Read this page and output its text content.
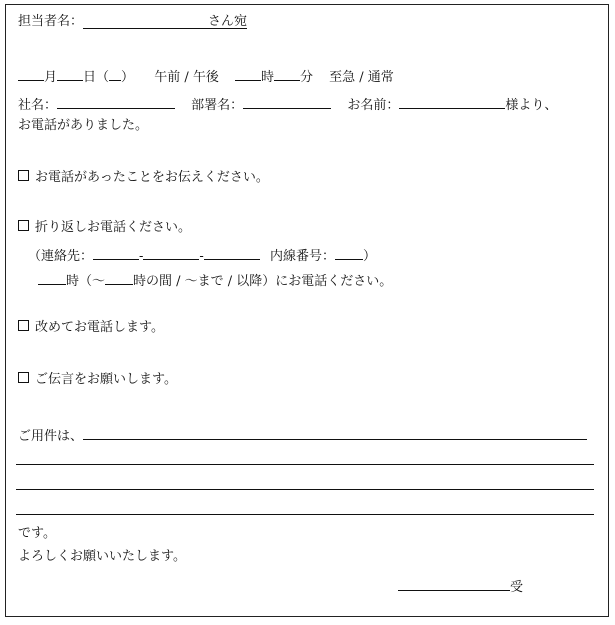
担当者名：	さん宛
月 日（ ） 午前 / 午後	時 分 至急 / 通常
社名：	部署名：	お名前：	様より、
お電話がありました。
お電話があったことをお伝えください。
折り返しお電話ください。
（連絡先：	-	-	内線番号： ）
時（～ 時の間 / ～まで / 以降）にお電話ください。
改めてお電話します。
ご伝言をお願いします。
ご用件は、
です。
よろしくお願いいたします。
受
